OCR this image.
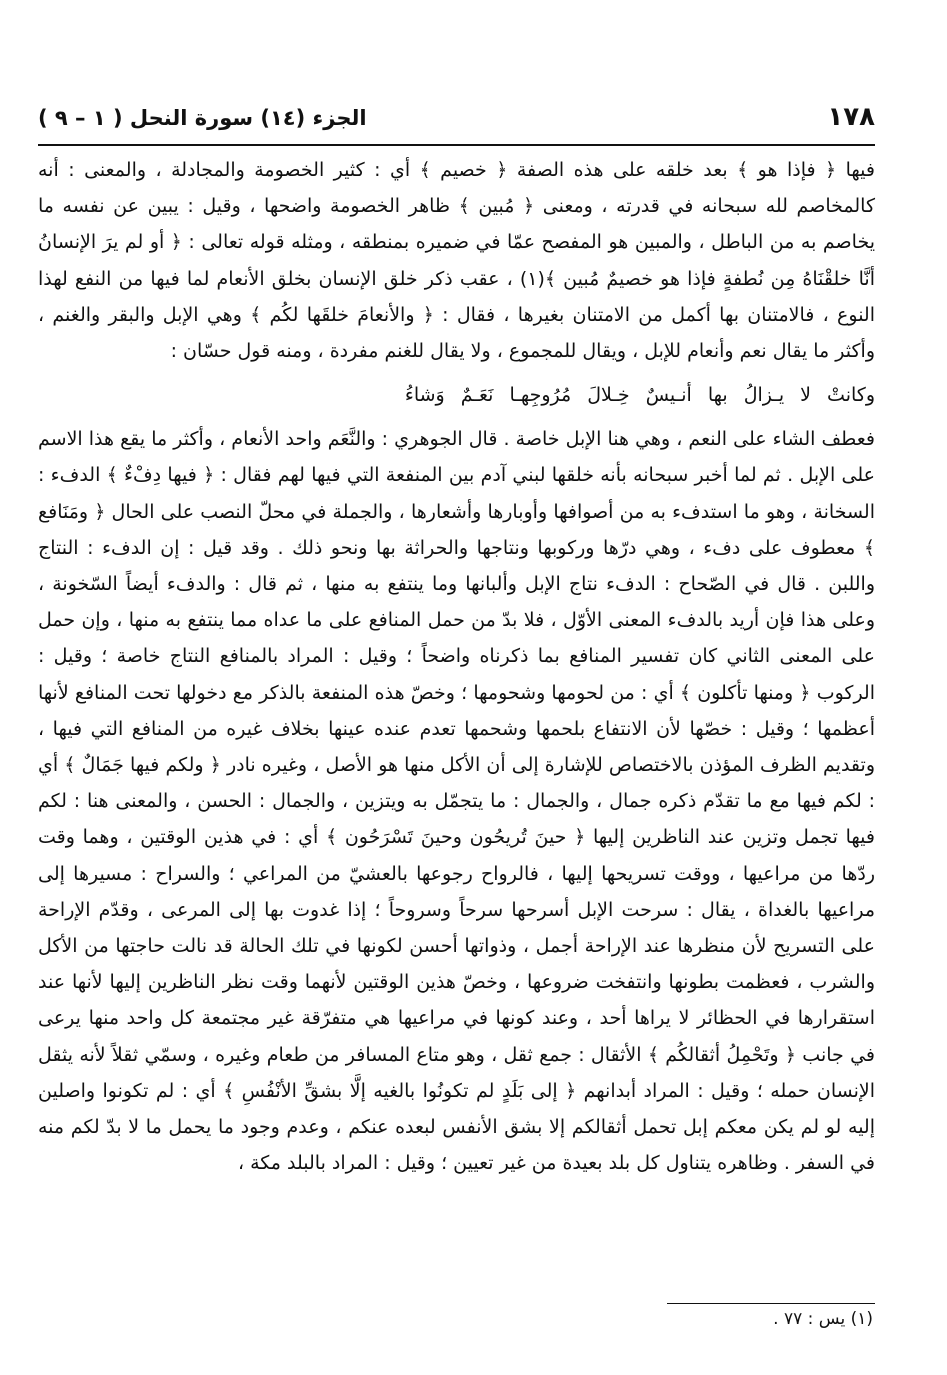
١٧٨
الجزء (١٤) سورة النحل ( ١ – ٩ )

فيها ﴿ فإذا هو ﴾ بعد خلقه على هذه الصفة ﴿ خصيم ﴾ أي : كثير الخصومة والمجادلة ، والمعنى : أنه كالمخاصم لله سبحانه في قدرته ، ومعنى ﴿ مُبين ﴾ ظاهر الخصومة واضحها ، وقيل : يبين عن نفسه ما يخاصم به من الباطل ، والمبين هو المفصح عمّا في ضميره بمنطقه ، ومثله قوله تعالى : ﴿ أو لم يرَ الإنسانُ أنَّا خلقْنَاهُ مِن نُطفةٍ فإذا هو خصيمٌ مُبين ﴾(١) ، عقب ذكر خلق الإنسان بخلق الأنعام لما فيها من النفع لهذا النوع ، فالامتنان بها أكمل من الامتنان بغيرها ، فقال : ﴿ والأنعامَ خلقَها لكُم ﴾ وهي الإبل والبقر والغنم ، وأكثر ما يقال نعم وأنعام للإبل ، ويقال للمجموع ، ولا يقال للغنم مفردة ، ومنه قول حسّان :

وكانتْ لا يـزالُ بها أنـيسٌ خِـلالَ مُرُوجِهـا نَعَـمٌ وَشاءُ

فعطف الشاء على النعم ، وهي هنا الإبل خاصة . قال الجوهري : والنَّعَم واحد الأنعام ، وأكثر ما يقع هذا الاسم على الإبل . ثم لما أخبر سبحانه بأنه خلقها لبني آدم بين المنفعة التي فيها لهم فقال : ﴿ فيها دِفْءٌ ﴾ الدفء : السخانة ، وهو ما استدفء به من أصوافها وأوبارها وأشعارها ، والجملة في محلّ النصب على الحال ﴿ ومَنَافع ﴾ معطوف على دفء ، وهي درّها وركوبها ونتاجها والحراثة بها ونحو ذلك . وقد قيل : إن الدفء : النتاج واللبن . قال في الصّحاح : الدفء نتاج الإبل وألبانها وما ينتفع به منها ، ثم قال : والدفء أيضاً السّخونة ، وعلى هذا فإن أريد بالدفء المعنى الأوّل ، فلا بدّ من حمل المنافع على ما عداه مما ينتفع به منها ، وإن حمل على المعنى الثاني كان تفسير المنافع بما ذكرناه واضحاً ؛ وقيل : المراد بالمنافع النتاج خاصة ؛ وقيل : الركوب ﴿ ومنها تأكلون ﴾ أي : من لحومها وشحومها ؛ وخصّ هذه المنفعة بالذكر مع دخولها تحت المنافع لأنها أعظمها ؛ وقيل : خصّها لأن الانتفاع بلحمها وشحمها تعدم عنده عينها بخلاف غيره من المنافع التي فيها ، وتقديم الظرف المؤذن بالاختصاص للإشارة إلى أن الأكل منها هو الأصل ، وغيره نادر ﴿ ولكم فيها جَمَالٌ ﴾ أي : لكم فيها مع ما تقدّم ذكره جمال ، والجمال : ما يتجمّل به ويتزين ، والجمال : الحسن ، والمعنى هنا : لكم فيها تجمل وتزين عند الناظرين إليها ﴿ حينَ تُريحُون وحينَ تَسْرَحُون ﴾ أي : في هذين الوقتين ، وهما وقت ردّها من مراعيها ، ووقت تسريحها إليها ، فالرواح رجوعها بالعشيّ من المراعي ؛ والسراح : مسيرها إلى مراعيها بالغداة ، يقال : سرحت الإبل أسرحها سرحاً وسروحاً ؛ إذا غدوت بها إلى المرعى ، وقدّم الإراحة على التسريح لأن منظرها عند الإراحة أجمل ، وذواتها أحسن لكونها في تلك الحالة قد نالت حاجتها من الأكل والشرب ، فعظمت بطونها وانتفخت ضروعها ، وخصّ هذين الوقتين لأنهما وقت نظر الناظرين إليها لأنها عند استقرارها في الحظائر لا يراها أحد ، وعند كونها في مراعيها هي متفرّقة غير مجتمعة كل واحد منها يرعى في جانب ﴿ وتَحْمِلُ أثقالكُم ﴾ الأثقال : جمع ثقل ، وهو متاع المسافر من طعام وغيره ، وسمّي ثقلاً لأنه يثقل الإنسان حمله ؛ وقيل : المراد أبدانهم ﴿ إلى بَلَدٍ لم تكونُوا بالغيه إلَّا بشقِّ الأنْفُسِ ﴾ أي : لم تكونوا واصلين إليه لو لم يكن معكم إبل تحمل أثقالكم إلا بشق الأنفس لبعده عنكم ، وعدم وجود ما يحمل ما لا بدّ لكم منه في السفر . وظاهره يتناول كل بلد بعيدة من غير تعيين ؛ وقيل : المراد بالبلد مكة ،

(١) يس : ٧٧ .
